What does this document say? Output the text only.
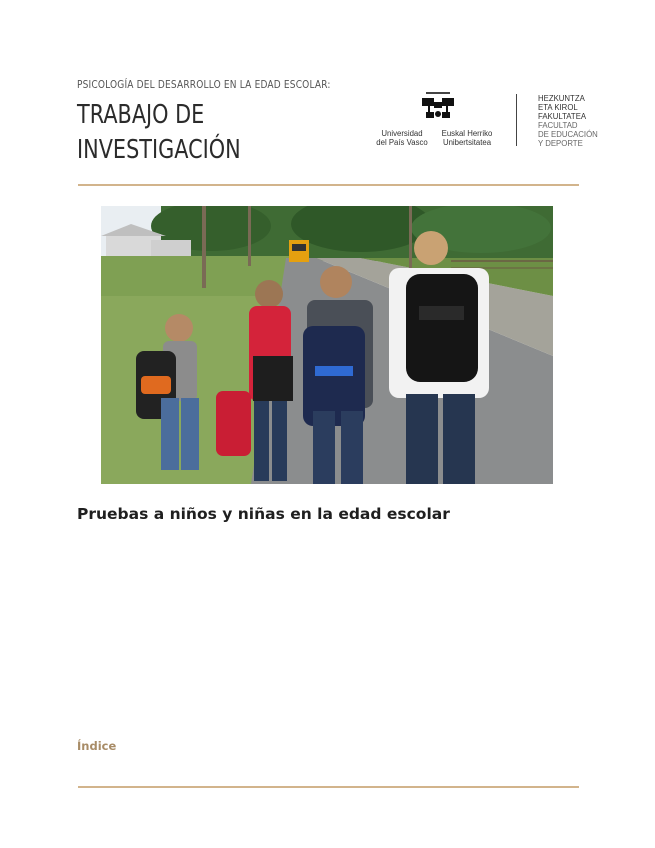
PSICOLOGÍA DEL DESARROLLO EN LA EDAD ESCOLAR:
TRABAJO DE
INVESTIGACIÓN
Universidad
del País Vasco
Euskal Herriko
Unibertsitatea
HEZKUNTZA
ETA KIROL
FAKULTATEA
FACULTAD
DE EDUCACIÓN
Y DEPORTE
Pruebas a niños y niñas en la edad escolar
Índice
